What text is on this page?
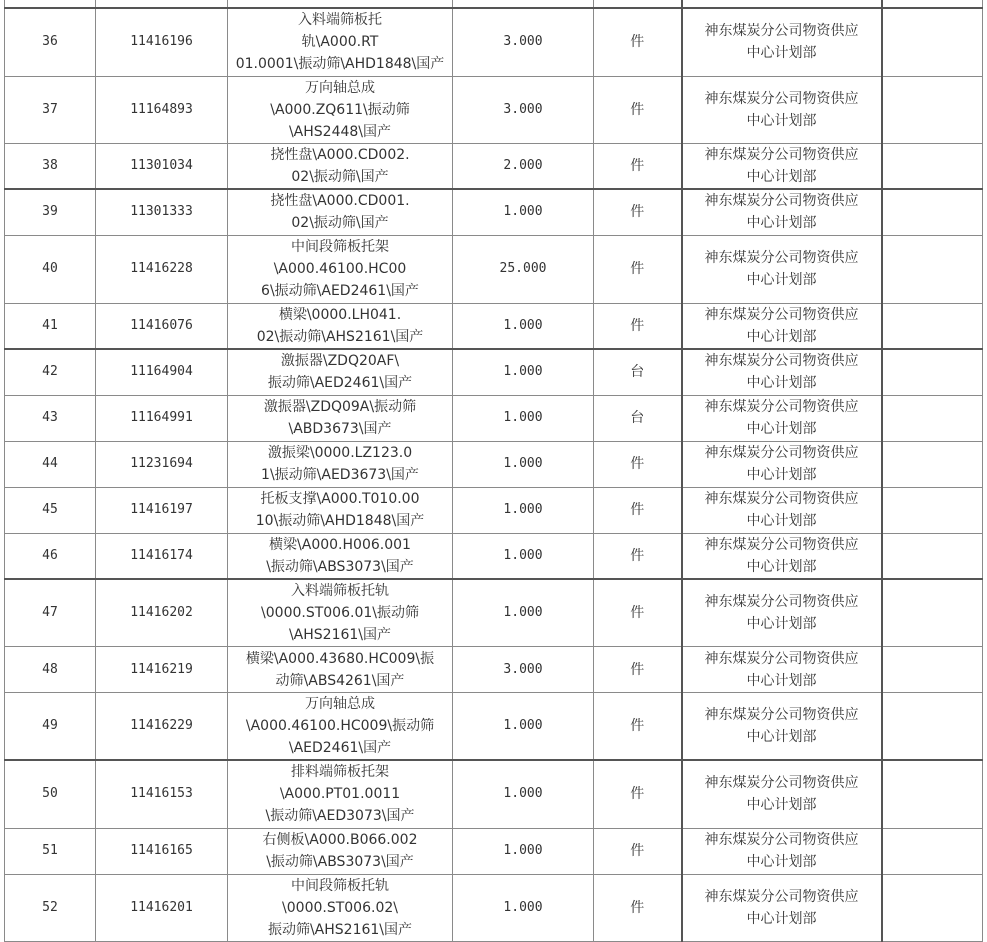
36	11416196	入料端筛板托
轨\A000.RT
01.0001\振动筛\AHD1848\国产	3.000	件	神东煤炭分公司物资供应
中心计划部	
37	11164893	万向轴总成
\A000.ZQ611\振动筛\AHS2448\国产	3.000	件	神东煤炭分公司物资供应
中心计划部	
38	11301034	挠性盘\A000.CD002.
02\振动筛\国产	2.000	件	神东煤炭分公司物资供应
中心计划部	
39	11301333	挠性盘\A000.CD001.
02\振动筛\国产	1.000	件	神东煤炭分公司物资供应
中心计划部	
40	11416228	中间段筛板托架
\A000.46100.HC00
6\振动筛\AED2461\国产	25.000	件	神东煤炭分公司物资供应
中心计划部	
41	11416076	横梁\0000.LH041.
02\振动筛\AHS2161\国产	1.000	件	神东煤炭分公司物资供应
中心计划部	
42	11164904	激振器\ZDQ20AF\
振动筛\AED2461\国产	1.000	台	神东煤炭分公司物资供应
中心计划部	
43	11164991	激振器\ZDQ09A\振动筛\ABD3673\国产	1.000	台	神东煤炭分公司物资供应
中心计划部	
44	11231694	激振梁\0000.LZ123.0
1\振动筛\AED3673\国产	1.000	件	神东煤炭分公司物资供应
中心计划部	
45	11416197	托板支撑\A000.T010.00
10\振动筛\AHD1848\国产	1.000	件	神东煤炭分公司物资供应
中心计划部	
46	11416174	横梁\A000.H006.001
\振动筛\ABS3073\国产	1.000	件	神东煤炭分公司物资供应
中心计划部	
47	11416202	入料端筛板托轨\0000.ST006.01\振动筛
\AHS2161\国产	1.000	件	神东煤炭分公司物资供应
中心计划部	
48	11416219	横梁\A000.43680.HC009\振
动筛\ABS4261\国产	3.000	件	神东煤炭分公司物资供应
中心计划部	
49	11416229	万向轴总成\A000.46100.HC009\振动筛
\AED2461\国产	1.000	件	神东煤炭分公司物资供应
中心计划部	
50	11416153	排料端筛板托架
\A000.PT01.0011
\振动筛\AED3073\国产	1.000	件	神东煤炭分公司物资供应
中心计划部	
51	11416165	右侧板\A000.B066.002
\振动筛\ABS3073\国产	1.000	件	神东煤炭分公司物资供应
中心计划部	
52	11416201	中间段筛板托轨\0000.ST006.02\
振动筛\AHS2161\国产	1.000	件	神东煤炭分公司物资供应
中心计划部	
